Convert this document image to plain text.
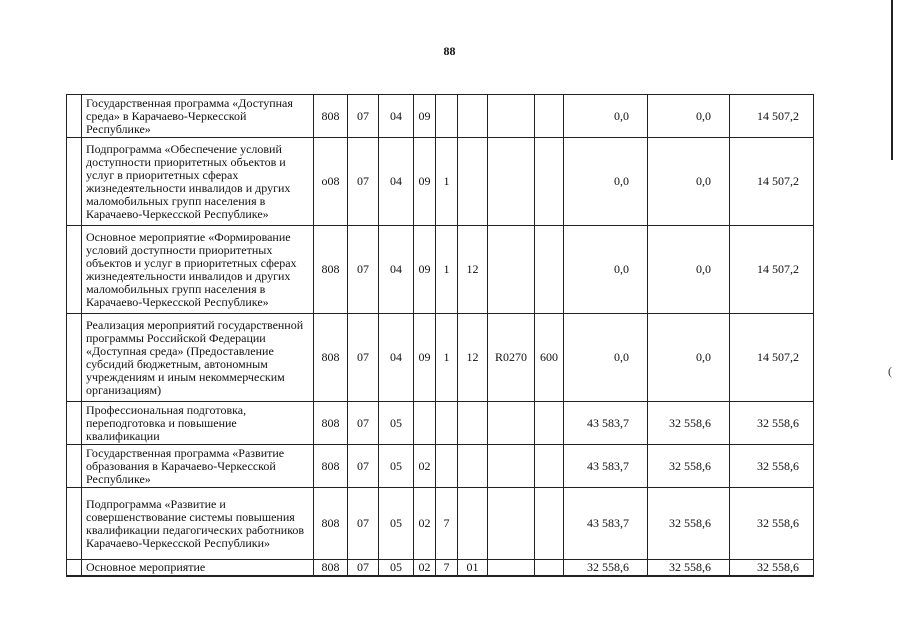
88
(
	Государственная программа «Доступная среда» в Карачаево-Черкесской Республике»	808	07	04	09					0,0	0,0	14 507,2
	Подпрограмма «Обеспечение условий доступности приоритетных объектов и услуг в приоритетных сферах жизнедеятельности инвалидов и других маломобильных групп населения в Карачаево-Черкесской Республике»	о08	07	04	09	1				0,0	0,0	14 507,2
	Основное мероприятие «Формирование условий доступности приоритетных объектов и услуг в приоритетных сферах жизнедеятельности инвалидов и других маломобильных групп населения в Карачаево-Черкесской Республике»	808	07	04	09	1	12			0,0	0,0	14 507,2
	Реализация мероприятий государственной программы Российской Федерации «Доступная среда» (Предоставление субсидий бюджетным, автономным учреждениям и иным некоммерческим организациям)	808	07	04	09	1	12	R0270	600	0,0	0,0	14 507,2
	Профессиональная подготовка, переподготовка и повышение квалификации	808	07	05						43 583,7	32 558,6	32 558,6
	Государственная программа «Развитие образования в Карачаево-Черкесской Республике»	808	07	05	02					43 583,7	32 558,6	32 558,6
	Подпрограмма «Развитие и совершенствование системы повышения квалификации педагогических работников Карачаево-Черкесской Республики»	808	07	05	02	7				43 583,7	32 558,6	32 558,6
	Основное мероприятие	808	07	05	02	7	01			32 558,6	32 558,6	32 558,6
